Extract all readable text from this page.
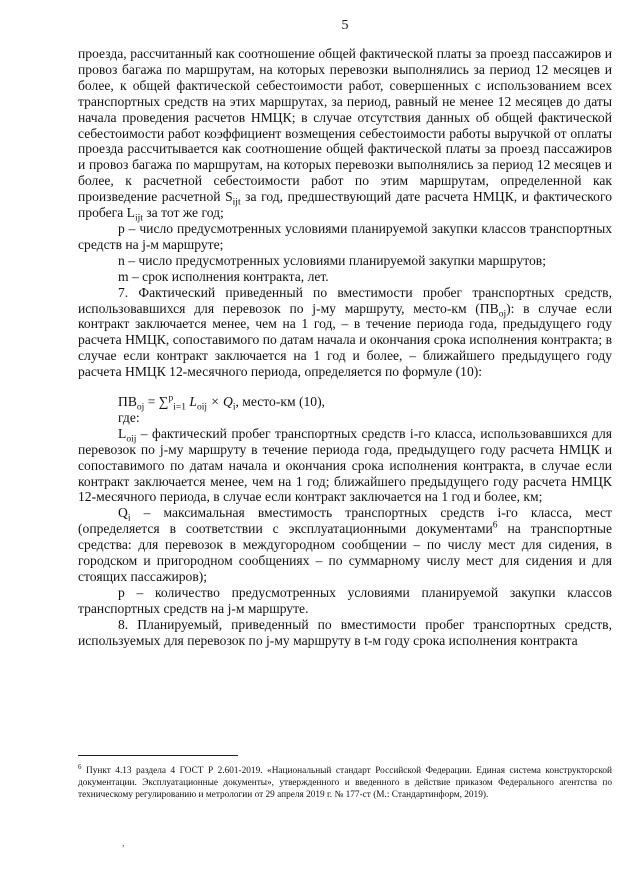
5

проезда, рассчитанный как соотношение общей фактической платы за проезд пассажиров и провоз багажа по маршрутам, на которых перевозки выполнялись за период 12 месяцев и более, к общей фактической себестоимости работ, совершенных с использованием всех транспортных средств на этих маршрутах, за период, равный не менее 12 месяцев до даты начала проведения расчетов НМЦК; в случае отсутствия данных об общей фактической себестоимости работ коэффициент возмещения себестоимости работы выручкой от оплаты проезда рассчитывается как соотношение общей фактической платы за проезд пассажиров и провоз багажа по маршрутам, на которых перевозки выполнялись за период 12 месяцев и более, к расчетной себестоимости работ по этим маршрутам, определенной как произведение расчетной $S_{ijt}$ за год, предшествующий дате расчета НМЦК, и фактического пробега $L_{ijt}$ за тот же год;

p – число предусмотренных условиями планируемой закупки классов транспортных средств на j-м маршруте;

n – число предусмотренных условиями планируемой закупки маршрутов;

m – срок исполнения контракта, лет.

7. Фактический приведенный по вместимости пробег транспортных средств, использовавшихся для перевозок по j-му маршруту, место-км $(ПВ_{oj})$: в случае если контракт заключается менее, чем на 1 год, – в течение периода года, предыдущего году расчета НМЦК, сопоставимого по датам начала и окончания срока исполнения контракта; в случае если контракт заключается на 1 год и более, – ближайшего предыдущего году расчета НМЦК 12-месячного периода, определяется по формуле (10):

$ПВ_{oj} = \sum^p_{i=1}$ $L_{oij} \times Q_i$, место-км (10),

где:

$L_{oij}$ – фактический пробег транспортных средств i-го класса, использовавшихся для перевозок по j-му маршруту в течение периода года, предыдущего году расчета НМЦК и сопоставимого по датам начала и окончания срока исполнения контракта, в случае если контракт заключается менее, чем на 1 год; ближайшего предыдущего году расчета НМЦК 12-месячного периода, в случае если контракт заключается на 1 год и более, км;

$Q_i$ – максимальная вместимость транспортных средств i-го класса, мест (определяется в соответствии с эксплуатационными документами$^6$ на транспортные средства: для перевозок в междугородном сообщении – по числу мест для сидения, в городском и пригородном сообщениях – по суммарному числу мест для сидения и для стоящих пассажиров);

p – количество предусмотренных условиями планируемой закупки классов транспортных средств на j-м маршруте.

8. Планируемый, приведенный по вместимости пробег транспортных средств, используемых для перевозок по j-му маршруту в t-м году срока исполнения контракта

$^6$ Пункт 4.13 раздела 4 ГОСТ Р 2.601-2019. «Национальный стандарт Российской Федерации. Единая система конструкторской документации. Эксплуатационные документы», утвержденного и введенного в действие приказом Федерального агентства по техническому регулированию и метрологии от 29 апреля 2019 г. № 177-ст (М.: Стандартинформ, 2019).
,
